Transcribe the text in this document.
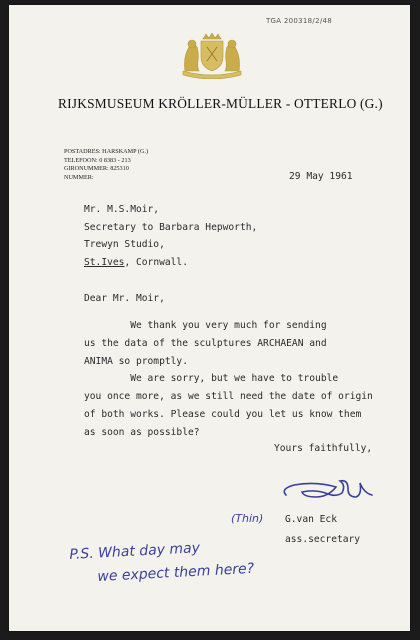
TGA 200318/2/48
RIJKSMUSEUM KRÖLLER-MÜLLER - OTTERLO (G.)
POSTADRES: HARSKAMP (G.)
TELEFOON: 0 8383 - 213
GIRONUMMER: 825310
NUMMER:	29 May 1961
Mr. M.S.Moir,
Secretary to Barbara Hepworth,
Trewyn Studio,
St.Ives, Cornwall.
Dear Mr. Moir,
We thank you very much for sending
us the data of the sculptures ARCHAEAN and
ANIMA so promptly.
We are sorry, but we have to trouble
you once more, as we still need the date of origin
of both works. Please could you let us know them
as soon as possible?
Yours faithfully,
(Thin) G.van Eck
ass.secretary
P.S. What day may
we expect them here?
